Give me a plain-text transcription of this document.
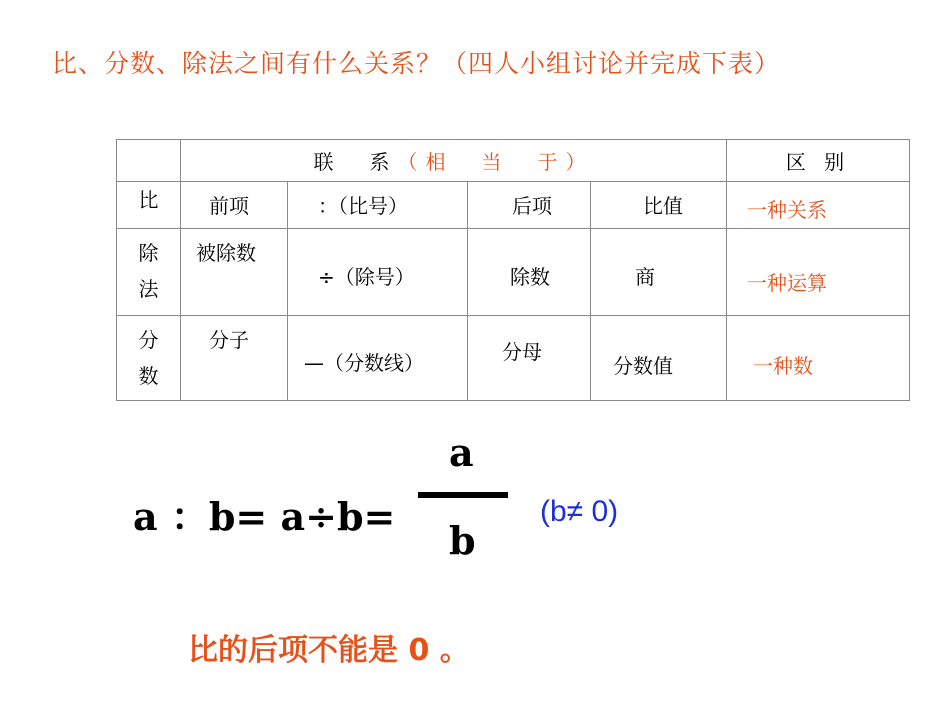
比、分数、除法之间有什么关系？（四人小组讨论并完成下表）
	联　系（相　当　于）				区 别
比	前项	：（比号）	后项	比值	一种关系

除法	被除数	÷（除号）	除数	商	一种运算

分数	分子	—（分数线）	分母	分数值	一种数
a ：b= a÷b=
a
b
(b≠ 0)
比的后项不能是 0 。
